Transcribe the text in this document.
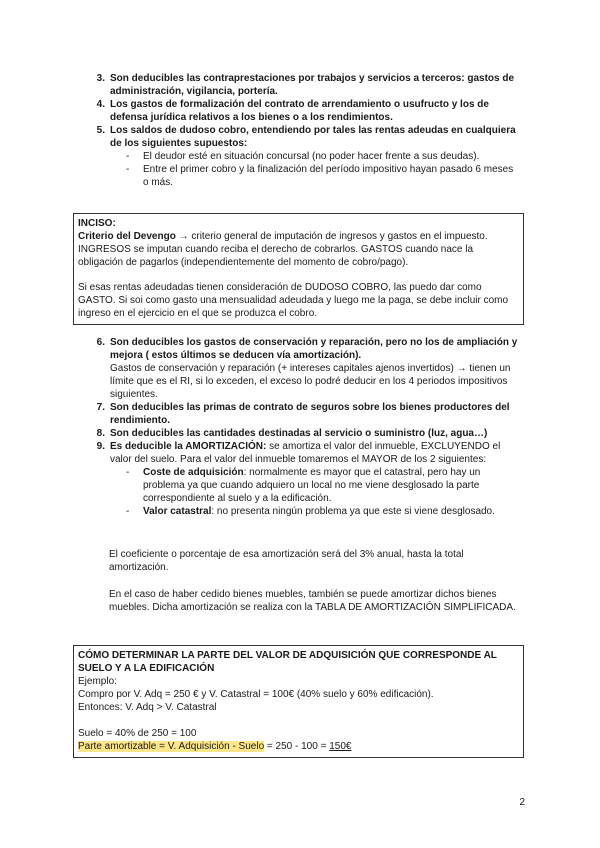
3. Son deducibles las contraprestaciones por trabajos y servicios a terceros: gastos de administración, vigilancia, portería.
4. Los gastos de formalización del contrato de arrendamiento o usufructo y los de defensa jurídica relativos a los bienes o a los rendimientos.
5. Los saldos de dudoso cobro, entendiendo por tales las rentas adeudas en cualquiera de los siguientes supuestos:
-	El deudor esté en situación concursal (no poder hacer frente a sus deudas).
-	Entre el primer cobro y la finalización del período impositivo hayan pasado 6 meses o más.

INCISO:

Criterio del Devengo → criterio general de imputación de ingresos y gastos en el impuesto. INGRESOS se imputan cuando reciba el derecho de cobrarlos. GASTOS cuando nace la obligación de pagarlos (independientemente del momento de cobro/pago).

Si esas rentas adeudadas tienen consideración de DUDOSO COBRO, las puedo dar como GASTO. Si soi como gasto una mensualidad adeudada y luego me la paga, se debe incluir como ingreso en el ejercicio en el que se produzca el cobro.

6. Son deducibles los gastos de conservación y reparación, pero no los de ampliación y mejora ( estos últimos se deducen vía amortización).
Gastos de conservación y reparación (+ intereses capitales ajenos invertidos) → tienen un límite que es el RI, si lo exceden, el exceso lo podré deducir en los 4 periodos impositivos siguientes.
7. Son deducibles las primas de contrato de seguros sobre los bienes productores del rendimiento.
8. Son deducibles las cantidades destinadas al servicio o suministro (luz, agua…)
9. Es deducible la AMORTIZACIÓN: se amortiza el valor del inmueble, EXCLUYENDO el valor del suelo. Para el valor del inmueble tomaremos el MAYOR de los 2 siguientes:
-	Coste de adquisición: normalmente es mayor que el catastral, pero hay un problema ya que cuando adquiero un local no me viene desglosado la parte correspondiente al suelo y a la edificación.
-	Valor catastral: no presenta ningún problema ya que este si viene desglosado.

El coeficiente o porcentaje de esa amortización será del 3% anual, hasta la total amortización.

En el caso de haber cedido bienes muebles, también se puede amortizar dichos bienes muebles. Dicha amortización se realiza con la TABLA DE AMORTIZACIÓN SIMPLIFICADA.

CÓMO DETERMINAR LA PARTE DEL VALOR DE ADQUISICIÓN QUE CORRESPONDE AL SUELO Y A LA EDIFICACIÓN

Ejemplo:

Compro por V. Adq = 250 € y V. Catastral = 100€ (40% suelo y 60% edificación).

Entonces: V. Adq > V. Catastral

Suelo = 40% de 250 = 100

Parte amortizable = V. Adquisición - Suelo = 250 - 100 = 150€

2
